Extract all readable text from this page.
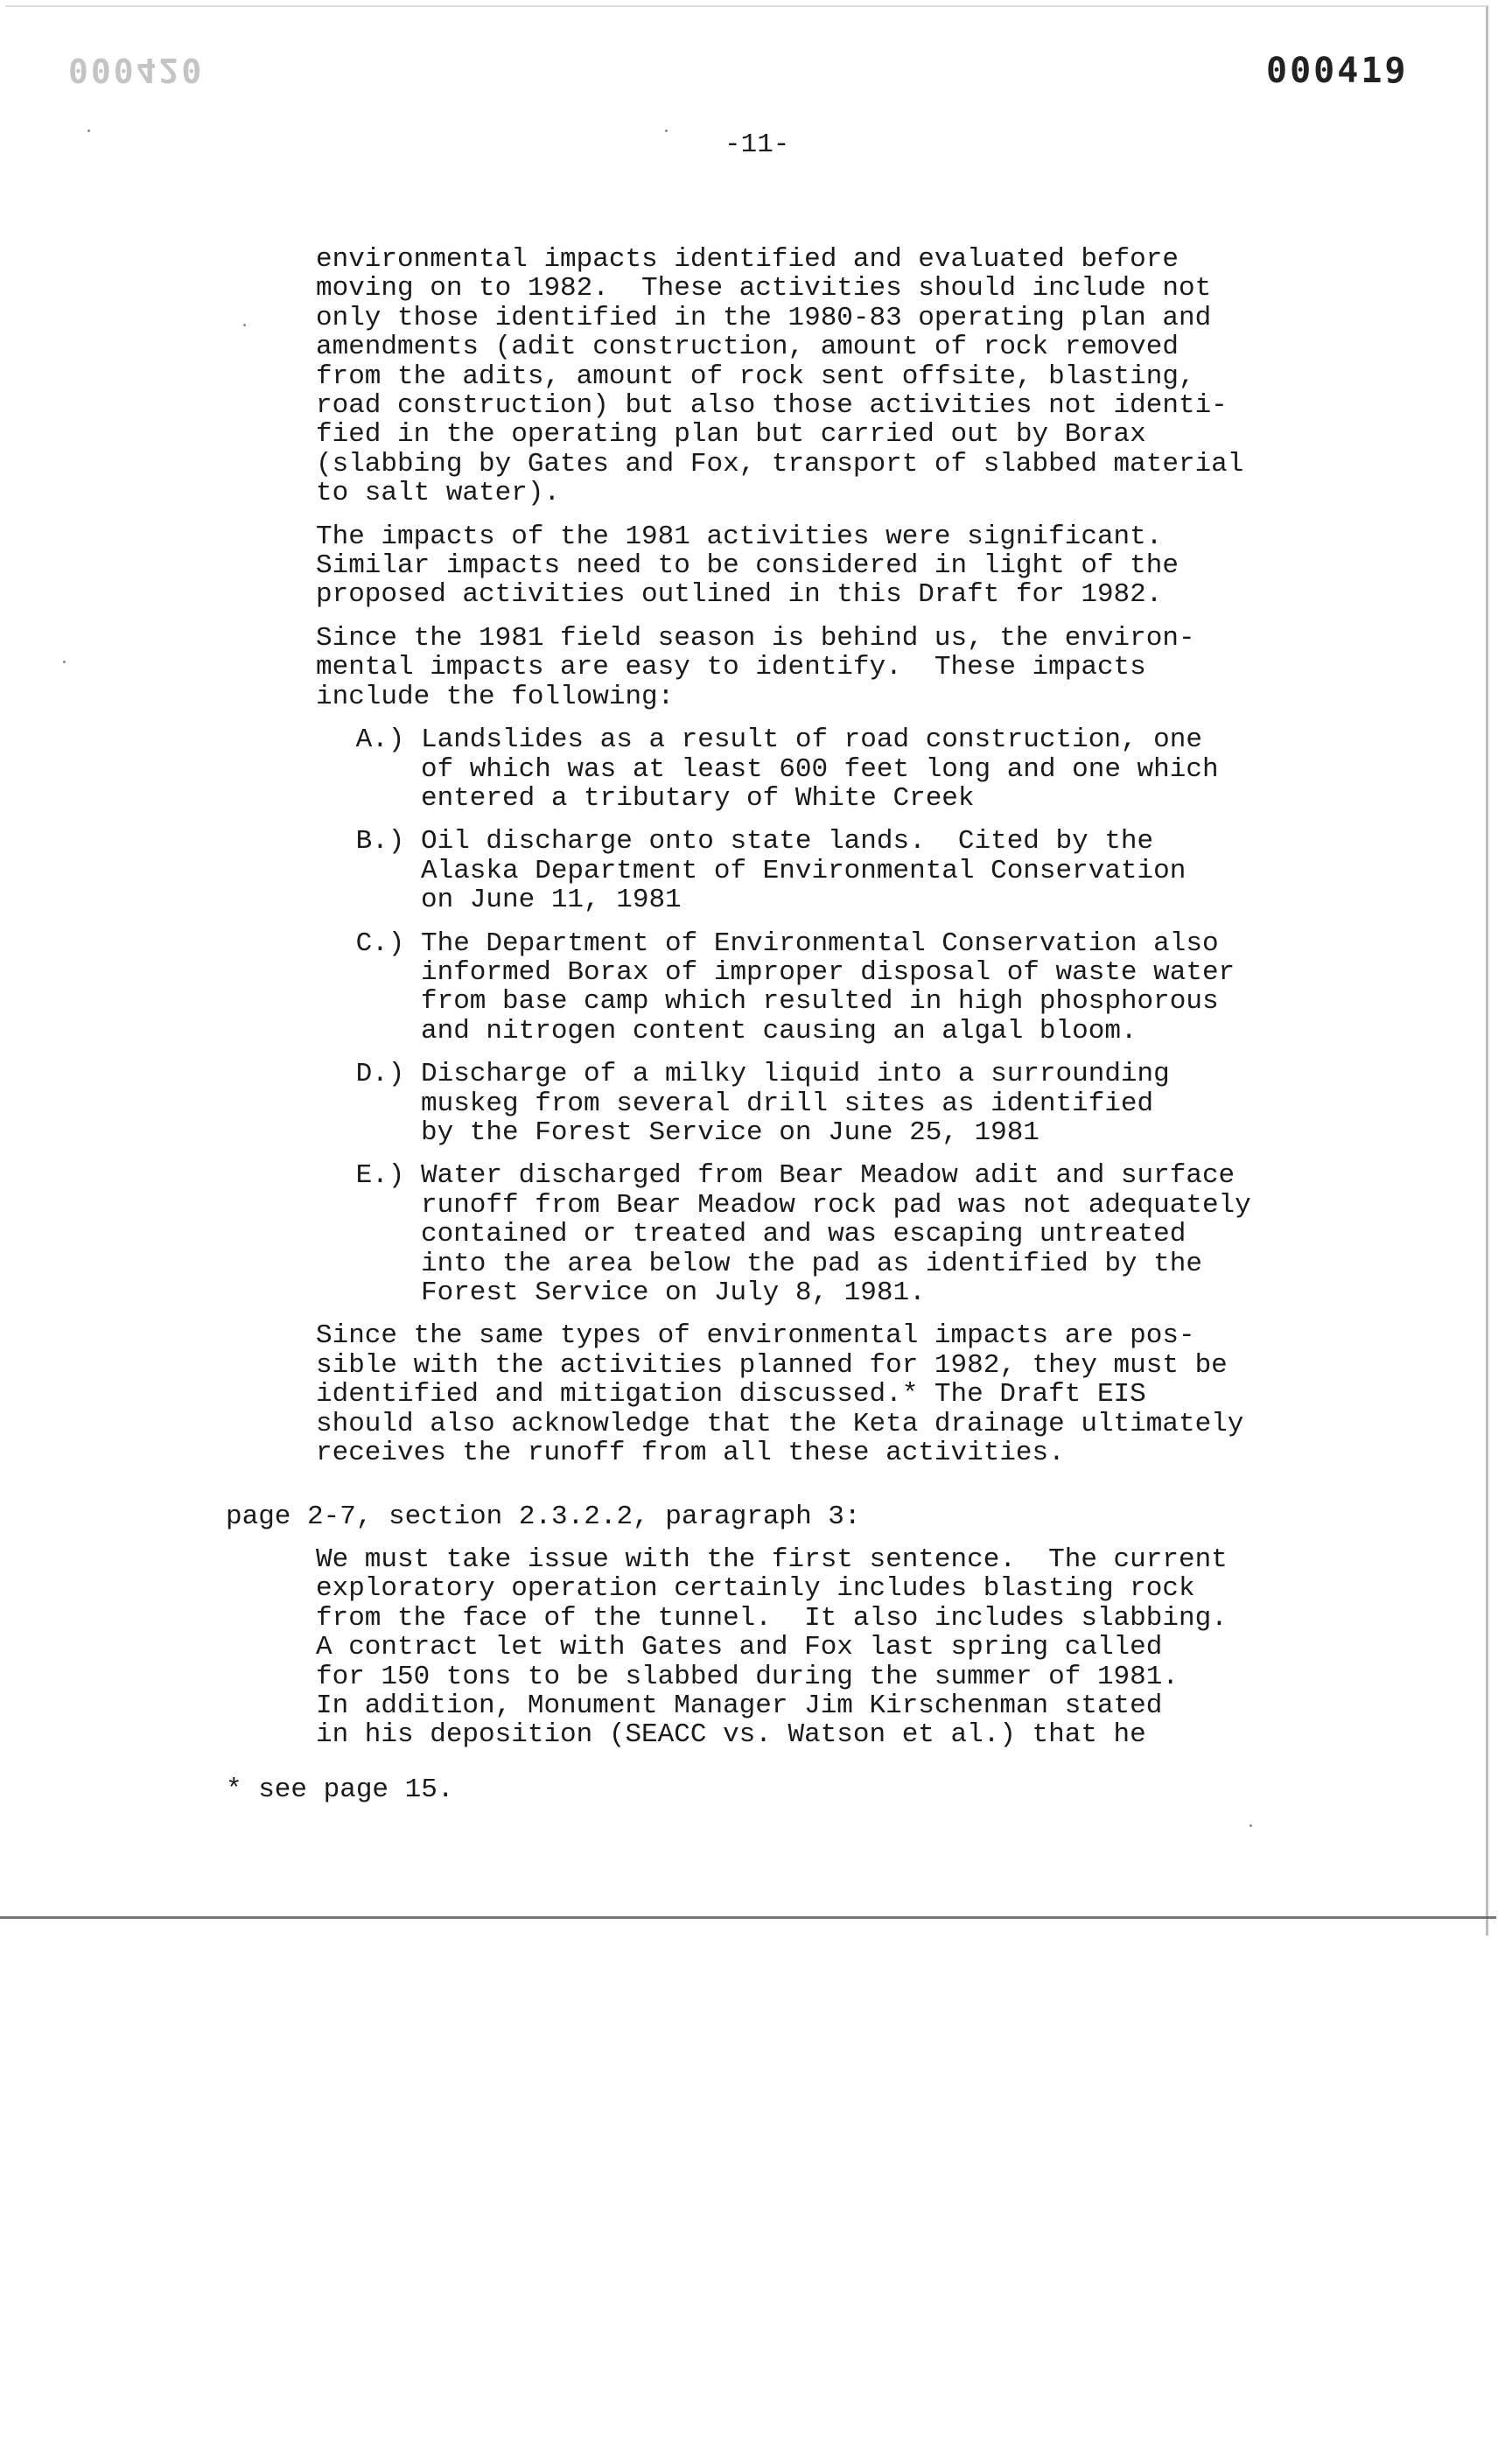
000420	000419
-11-

environmental impacts identified and evaluated before
moving on to 1982.  These activities should include not
only those identified in the 1980-83 operating plan and
amendments (adit construction, amount of rock removed
from the adits, amount of rock sent offsite, blasting,
road construction) but also those activities not identi-
fied in the operating plan but carried out by Borax
(slabbing by Gates and Fox, transport of slabbed material
to salt water).

The impacts of the 1981 activities were significant.
Similar impacts need to be considered in light of the
proposed activities outlined in this Draft for 1982.

Since the 1981 field season is behind us, the environ-
mental impacts are easy to identify.  These impacts
include the following:

A.) Landslides as a result of road construction, one
of which was at least 600 feet long and one which
entered a tributary of White Creek
B.) Oil discharge onto state lands.  Cited by the
Alaska Department of Environmental Conservation
on June 11, 1981
C.) The Department of Environmental Conservation also
informed Borax of improper disposal of waste water
from base camp which resulted in high phosphorous
and nitrogen content causing an algal bloom.
D.) Discharge of a milky liquid into a surrounding
muskeg from several drill sites as identified
by the Forest Service on June 25, 1981
E.) Water discharged from Bear Meadow adit and surface
runoff from Bear Meadow rock pad was not adequately
contained or treated and was escaping untreated
into the area below the pad as identified by the
Forest Service on July 8, 1981.

Since the same types of environmental impacts are pos-
sible with the activities planned for 1982, they must be
identified and mitigation discussed.* The Draft EIS
should also acknowledge that the Keta drainage ultimately
receives the runoff from all these activities.

page 2-7, section 2.3.2.2, paragraph 3:
We must take issue with the first sentence.  The current
exploratory operation certainly includes blasting rock
from the face of the tunnel.  It also includes slabbing.
A contract let with Gates and Fox last spring called
for 150 tons to be slabbed during the summer of 1981.
In addition, Monument Manager Jim Kirschenman stated
in his deposition (SEACC vs. Watson et al.) that he
* see page 15.
